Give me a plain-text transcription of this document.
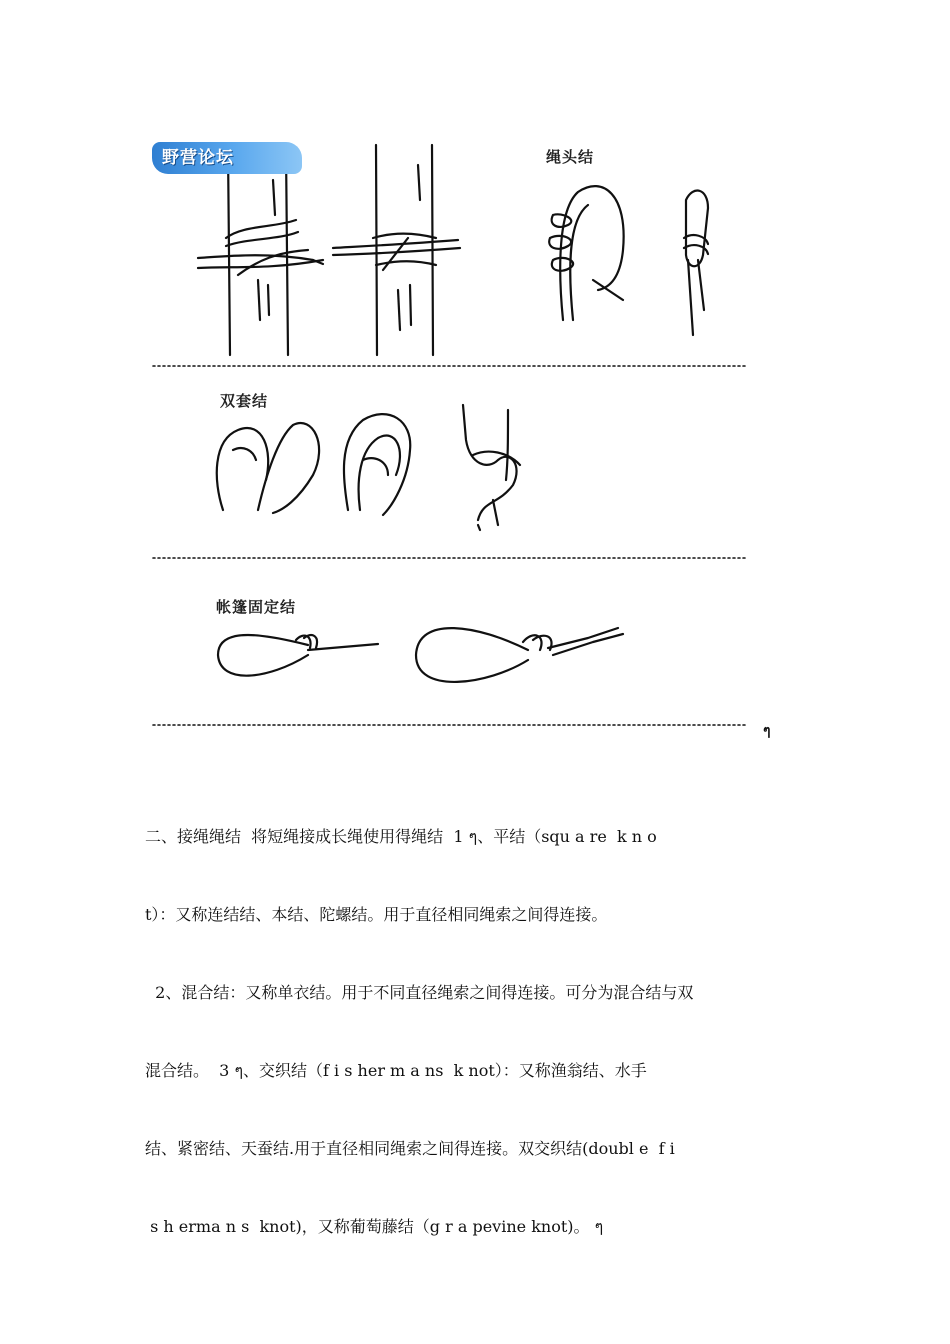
野营论坛	绳头结
双套结
帐篷固定结
ๆ

二、接绳绳结  将短绳接成长绳使用得绳结  1 ๆ、平结（squ a re  k n o

t）：又称连结结、本结、陀螺结。用于直径相同绳索之间得连接。

2、混合结：又称单衣结。用于不同直径绳索之间得连接。可分为混合结与双

混合结。  3 ๆ、交织结（f i s her m a ns  k not）：又称渔翁结、水手

结、紧密结、天蚕结.用于直径相同绳索之间得连接。双交织结(doubl e  f i

s h erma n s  knot)，又称葡萄藤结（g r a pevine knot)。 ๆ
